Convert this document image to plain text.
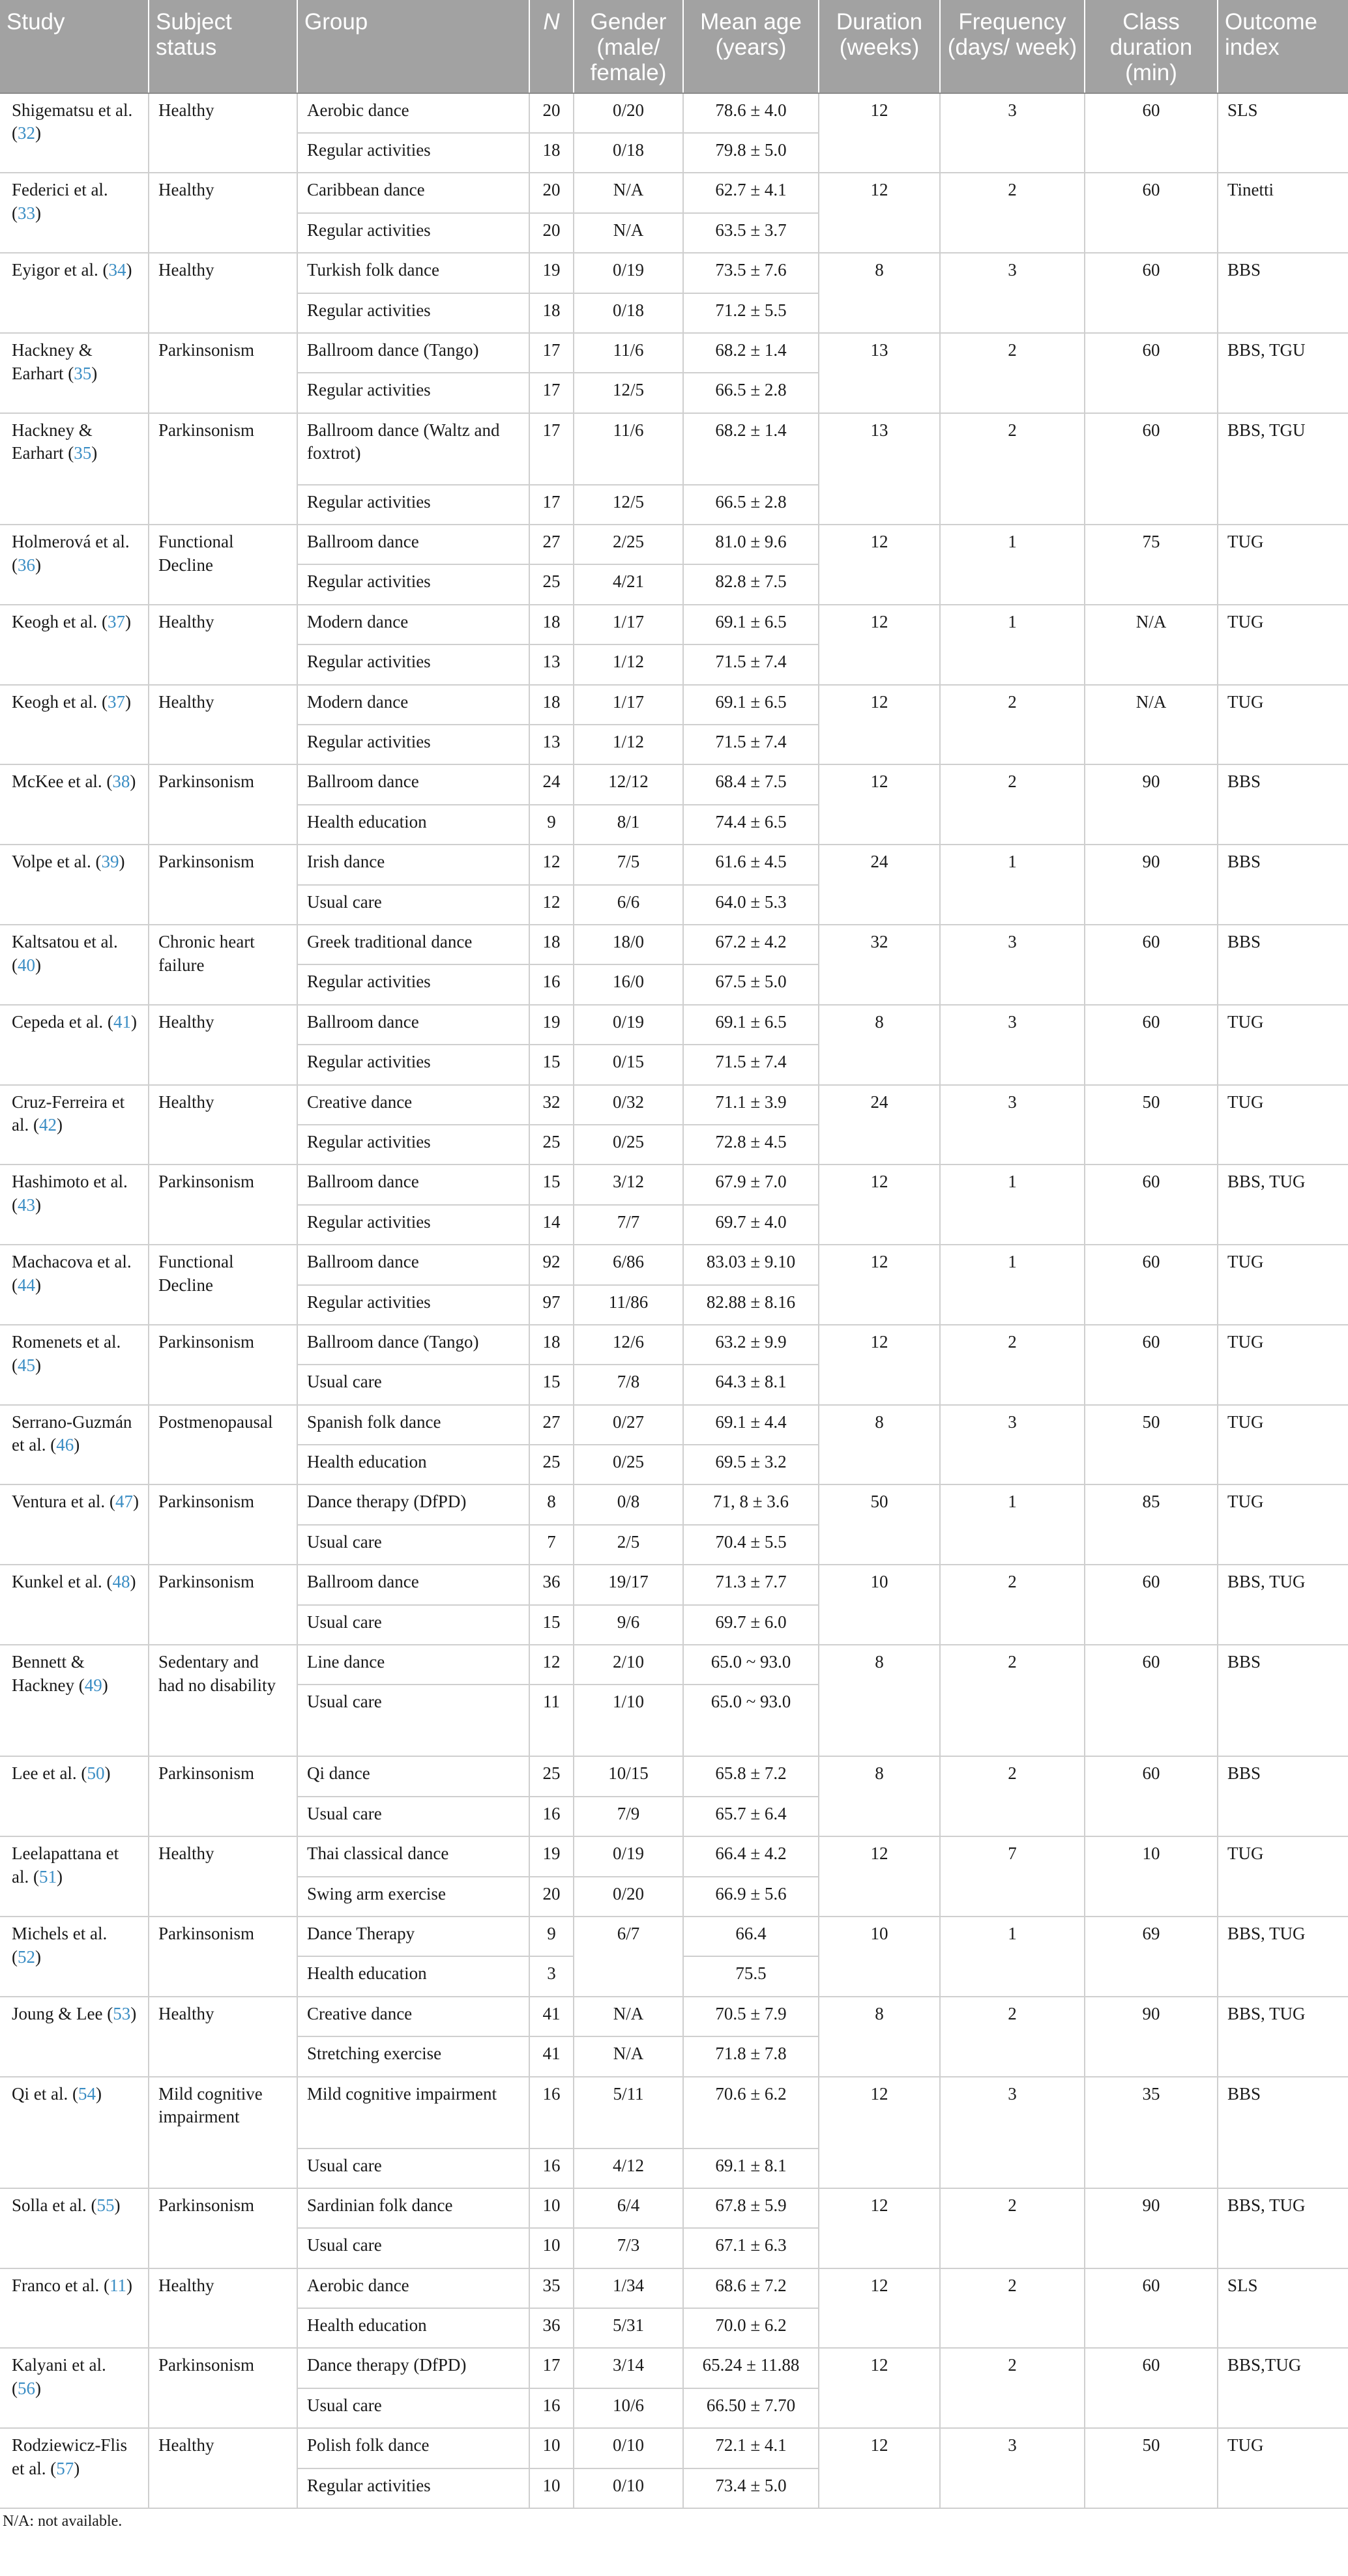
Study	Subject status	Group	N	Gender (male/ female)	Mean age (years)	Duration (weeks)	Frequency (days/ week)	Class duration (min)	Outcome index
Shigematsu et al. (32)	Healthy	Aerobic dance	20	0/20	78.6 ± 4.0	12	3	60	SLS
		Regular activities	18	0/18	79.8 ± 5.0				
Federici et al. (33)	Healthy	Caribbean dance	20	N/A	62.7 ± 4.1	12	2	60	Tinetti
		Regular activities	20	N/A	63.5 ± 3.7				
Eyigor et al. (34)	Healthy	Turkish folk dance	19	0/19	73.5 ± 7.6	8	3	60	BBS
		Regular activities	18	0/18	71.2 ± 5.5				
Hackney & Earhart (35)	Parkinsonism	Ballroom dance (Tango)	17	11/6	68.2 ± 1.4	13	2	60	BBS, TGU
		Regular activities	17	12/5	66.5 ± 2.8				
Hackney & Earhart (35)	Parkinsonism	Ballroom dance (Waltz and foxtrot)	17	11/6	68.2 ± 1.4	13	2	60	BBS, TGU
		Regular activities	17	12/5	66.5 ± 2.8				
Holmerová et al. (36)	Functional Decline	Ballroom dance	27	2/25	81.0 ± 9.6	12	1	75	TUG
		Regular activities	25	4/21	82.8 ± 7.5				
Keogh et al. (37)	Healthy	Modern dance	18	1/17	69.1 ± 6.5	12	1	N/A	TUG
		Regular activities	13	1/12	71.5 ± 7.4				
Keogh et al. (37)	Healthy	Modern dance	18	1/17	69.1 ± 6.5	12	2	N/A	TUG
		Regular activities	13	1/12	71.5 ± 7.4				
McKee et al. (38)	Parkinsonism	Ballroom dance	24	12/12	68.4 ± 7.5	12	2	90	BBS
		Health education	9	8/1	74.4 ± 6.5				
Volpe et al. (39)	Parkinsonism	Irish dance	12	7/5	61.6 ± 4.5	24	1	90	BBS
		Usual care	12	6/6	64.0 ± 5.3				
Kaltsatou et al. (40)	Chronic heart failure	Greek traditional dance	18	18/0	67.2 ± 4.2	32	3	60	BBS
		Regular activities	16	16/0	67.5 ± 5.0				
Cepeda et al. (41)	Healthy	Ballroom dance	19	0/19	69.1 ± 6.5	8	3	60	TUG
		Regular activities	15	0/15	71.5 ± 7.4				
Cruz-Ferreira et al. (42)	Healthy	Creative dance	32	0/32	71.1 ± 3.9	24	3	50	TUG
		Regular activities	25	0/25	72.8 ± 4.5				
Hashimoto et al. (43)	Parkinsonism	Ballroom dance	15	3/12	67.9 ± 7.0	12	1	60	BBS, TUG
		Regular activities	14	7/7	69.7 ± 4.0				
Machacova et al. (44)	Functional Decline	Ballroom dance	92	6/86	83.03 ± 9.10	12	1	60	TUG
		Regular activities	97	11/86	82.88 ± 8.16				
Romenets et al. (45)	Parkinsonism	Ballroom dance (Tango)	18	12/6	63.2 ± 9.9	12	2	60	TUG
		Usual care	15	7/8	64.3 ± 8.1				
Serrano-Guzmán et al. (46)	Postmenopausal	Spanish folk dance	27	0/27	69.1 ± 4.4	8	3	50	TUG
		Health education	25	0/25	69.5 ± 3.2				
Ventura et al. (47)	Parkinsonism	Dance therapy (DfPD)	8	0/8	71, 8 ± 3.6	50	1	85	TUG
		Usual care	7	2/5	70.4 ± 5.5				
Kunkel et al. (48)	Parkinsonism	Ballroom dance	36	19/17	71.3 ± 7.7	10	2	60	BBS, TUG
		Usual care	15	9/6	69.7 ± 6.0				
Bennett & Hackney (49)	Sedentary and had no disability	Line dance	12	2/10	65.0 ~ 93.0	8	2	60	BBS
		Usual care	11	1/10	65.0 ~ 93.0				
Lee et al. (50)	Parkinsonism	Qi dance	25	10/15	65.8 ± 7.2	8	2	60	BBS
		Usual care	16	7/9	65.7 ± 6.4				
Leelapattana et al. (51)	Healthy	Thai classical dance	19	0/19	66.4 ± 4.2	12	7	10	TUG
		Swing arm exercise	20	0/20	66.9 ± 5.6				
Michels et al. (52)	Parkinsonism	Dance Therapy	9	6/7	66.4	10	1	69	BBS, TUG
		Health education	3		75.5				
Joung & Lee (53)	Healthy	Creative dance	41	N/A	70.5 ± 7.9	8	2	90	BBS, TUG
		Stretching exercise	41	N/A	71.8 ± 7.8				
Qi et al. (54)	Mild cognitive impairment	Mild cognitive impairment	16	5/11	70.6 ± 6.2	12	3	35	BBS
		Usual care	16	4/12	69.1 ± 8.1				
Solla et al. (55)	Parkinsonism	Sardinian folk dance	10	6/4	67.8 ± 5.9	12	2	90	BBS, TUG
		Usual care	10	7/3	67.1 ± 6.3				
Franco et al. (11)	Healthy	Aerobic dance	35	1/34	68.6 ± 7.2	12	2	60	SLS
		Health education	36	5/31	70.0 ± 6.2				
Kalyani et al. (56)	Parkinsonism	Dance therapy (DfPD)	17	3/14	65.24 ± 11.88	12	2	60	BBS,TUG
		Usual care	16	10/6	66.50 ± 7.70				
Rodziewicz-Flis et al. (57)	Healthy	Polish folk dance	10	0/10	72.1 ± 4.1	12	3	50	TUG
		Regular activities	10	0/10	73.4 ± 5.0				
N/A: not available.
